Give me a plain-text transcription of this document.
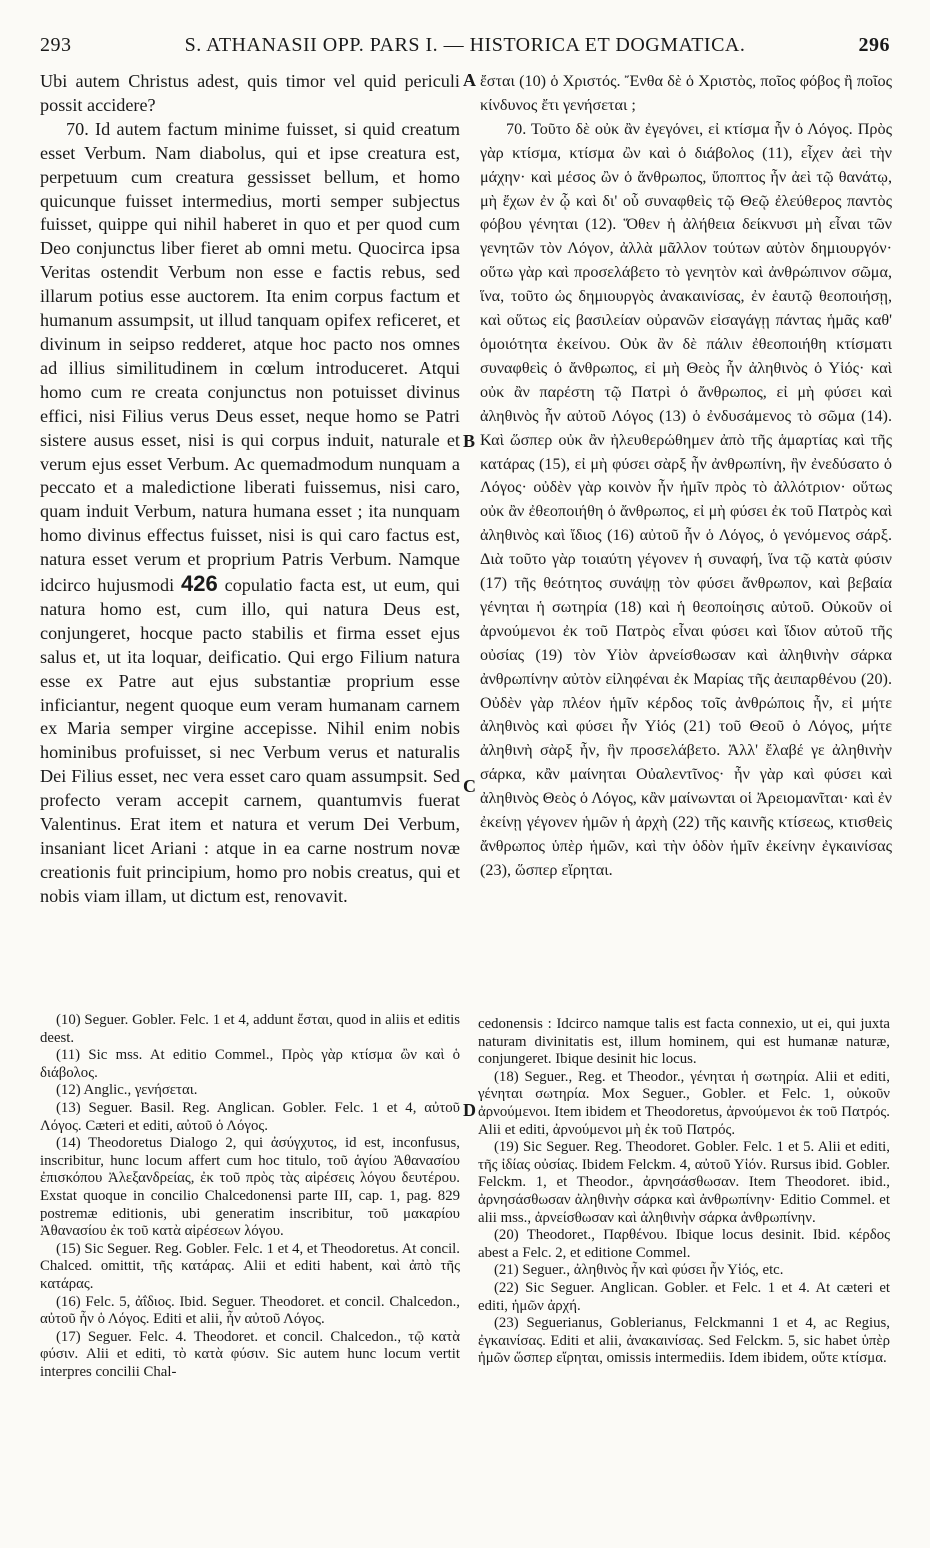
293	S. ATHANASII OPP. PARS I. — HISTORICA ET DOGMATICA.	296

Ubi autem Christus adest, quis timor vel quid periculi possit accidere?

70. Id autem factum minime fuisset, si quid creatum esset Verbum. Nam diabolus, qui et ipse creatura est, perpetuum cum creatura gessisset bellum, et homo quicunque fuisset intermedius, morti semper subjectus fuisset, quippe qui nihil haberet in quo et per quod cum Deo conjunctus liber fieret ab omni metu. Quocirca ipsa Veritas ostendit Verbum non esse e factis rebus, sed illarum potius esse auctorem. Ita enim corpus factum et humanum assumpsit, ut illud tanquam opifex reficeret, et divinum in seipso redderet, atque hoc pacto nos omnes ad illius similitudinem in cœlum introduceret. Atqui homo cum re creata conjunctus non potuisset divinus effici, nisi Filius verus Deus esset, neque homo se Patri sistere ausus esset, nisi is qui corpus induit, naturale et verum ejus esset Verbum. Ac quemadmodum nunquam a peccato et a maledictione liberati fuissemus, nisi caro, quam induit Verbum, natura humana esset ; ita nunquam homo divinus effectus fuisset, nisi is qui caro factus est, natura esset verum et proprium Patris Verbum. Namque idcirco hujusmodi 426 copulatio facta est, ut eum, qui natura homo est, cum illo, qui natura Deus est, conjungeret, hocque pacto stabilis et firma esset ejus salus et, ut ita loquar, deificatio. Qui ergo Filium natura esse ex Patre aut ejus substantiæ proprium esse inficiantur, negent quoque eum veram humanam carnem ex Maria semper virgine accepisse. Nihil enim nobis hominibus profuisset, si nec Verbum verus et naturalis Dei Filius esset, nec vera esset caro quam assumpsit. Sed profecto veram accepit carnem, quantumvis fuerat Valentinus. Erat item et natura et verum Dei Verbum, insaniant licet Ariani : atque in ea carne nostrum novæ creationis fuit principium, homo pro nobis creatus, qui et nobis viam illam, ut dictum est, renovavit.

A
B
C
D

ἔσται (10) ὁ Χριστός. Ἔνθα δὲ ὁ Χριστὸς, ποῖος φόβος ἢ ποῖος κίνδυνος ἔτι γενήσεται ;

70. Τοῦτο δὲ οὐκ ἂν ἐγεγόνει, εἰ κτίσμα ἦν ὁ Λόγος. Πρὸς γὰρ κτίσμα, κτίσμα ὢν καὶ ὁ διάβολος (11), εἶχεν ἀεὶ τὴν μάχην· καὶ μέσος ὢν ὁ ἄνθρωπος, ὕποπτος ἦν ἀεὶ τῷ θανάτῳ, μὴ ἔχων ἐν ᾧ καὶ δι' οὗ συναφθεὶς τῷ Θεῷ ἐλεύθερος παντὸς φόβου γένηται (12). Ὅθεν ἡ ἀλήθεια δείκνυσι μὴ εἶναι τῶν γενητῶν τὸν Λόγον, ἀλλὰ μᾶλλον τούτων αὐτὸν δημιουργόν· οὕτω γὰρ καὶ προσελάβετο τὸ γενητὸν καὶ ἀνθρώπινον σῶμα, ἵνα, τοῦτο ὡς δημιουργὸς ἀνακαινίσας, ἐν ἑαυτῷ θεοποιήσῃ, καὶ οὕτως εἰς βασιλείαν οὐρανῶν εἰσαγάγῃ πάντας ἡμᾶς καθ' ὁμοιότητα ἐκείνου. Οὐκ ἂν δὲ πάλιν ἐθεοποιήθη κτίσματι συναφθεὶς ὁ ἄνθρωπος, εἰ μὴ Θεὸς ἦν ἀληθινὸς ὁ Υἱός· καὶ οὐκ ἂν παρέστη τῷ Πατρὶ ὁ ἄνθρωπος, εἰ μὴ φύσει καὶ ἀληθινὸς ἦν αὐτοῦ Λόγος (13) ὁ ἐνδυσάμενος τὸ σῶμα (14). Καὶ ὥσπερ οὐκ ἂν ἠλευθερώθημεν ἀπὸ τῆς ἁμαρτίας καὶ τῆς κατάρας (15), εἰ μὴ φύσει σὰρξ ἦν ἀνθρωπίνη, ἣν ἐνεδύσατο ὁ Λόγος· οὐδὲν γὰρ κοινὸν ἦν ἡμῖν πρὸς τὸ ἀλλότριον· οὕτως οὐκ ἂν ἐθεοποιήθη ὁ ἄνθρωπος, εἰ μὴ φύσει ἐκ τοῦ Πατρὸς καὶ ἀληθινὸς καὶ ἴδιος (16) αὐτοῦ ἦν ὁ Λόγος, ὁ γενόμενος σάρξ. Διὰ τοῦτο γὰρ τοιαύτη γέγονεν ἡ συναφή, ἵνα τῷ κατὰ φύσιν (17) τῆς θεότητος συνάψῃ τὸν φύσει ἄνθρωπον, καὶ βεβαία γένηται ἡ σωτηρία (18) καὶ ἡ θεοποίησις αὐτοῦ. Οὐκοῦν οἱ ἀρνούμενοι ἐκ τοῦ Πατρὸς εἶναι φύσει καὶ ἴδιον αὐτοῦ τῆς οὐσίας (19) τὸν Υἱὸν ἀρνείσθωσαν καὶ ἀληθινὴν σάρκα ἀνθρωπίνην αὐτὸν εἰληφέναι ἐκ Μαρίας τῆς ἀειπαρθένου (20). Οὐδὲν γὰρ πλέον ἡμῖν κέρδος τοῖς ἀνθρώποις ἦν, εἰ μήτε ἀληθινὸς καὶ φύσει ἦν Υἱός (21) τοῦ Θεοῦ ὁ Λόγος, μήτε ἀληθινὴ σὰρξ ἦν, ἣν προσελάβετο. Ἀλλ' ἔλαβέ γε ἀληθινὴν σάρκα, κἂν μαίνηται Οὐαλεντῖνος· ἦν γὰρ καὶ φύσει καὶ ἀληθινὸς Θεὸς ὁ Λόγος, κἂν μαίνωνται οἱ Ἀρειομανῖται· καὶ ἐν ἐκείνῃ γέγονεν ἡμῶν ἡ ἀρχὴ (22) τῆς καινῆς κτίσεως, κτισθεὶς ἄνθρωπος ὑπὲρ ἡμῶν, καὶ τὴν ὁδὸν ἡμῖν ἐκείνην ἐγκαινίσας (23), ὥσπερ εἴρηται.

(10) Seguer. Gobler. Felc. 1 et 4, addunt ἔσται, quod in aliis et editis deest.

(11) Sic mss. At editio Commel., Πρὸς γὰρ κτίσμα ὢν καὶ ὁ διάβολος.

(12) Anglic., γενήσεται.

(13) Seguer. Basil. Reg. Anglican. Gobler. Felc. 1 et 4, αὐτοῦ Λόγος. Cæteri et editi, αὐτοῦ ὁ Λόγος.

(14) Theodoretus Dialogo 2, qui ἀσύγχυτος, id est, inconfusus, inscribitur, hunc locum affert cum hoc titulo, τοῦ ἁγίου Ἀθανασίου ἐπισκόπου Ἀλεξανδρείας, ἐκ τοῦ πρὸς τὰς αἱρέσεις λόγου δευτέρου. Exstat quoque in concilio Chalcedonensi parte III, cap. 1, pag. 829 postremæ editionis, ubi generatim inscribitur, τοῦ μακαρίου Ἀθανασίου ἐκ τοῦ κατὰ αἱρέσεων λόγου.

(15) Sic Seguer. Reg. Gobler. Felc. 1 et 4, et Theodoretus. At concil. Chalced. omittit, τῆς κατάρας. Alii et editi habent, καὶ ἀπὸ τῆς κατάρας.

(16) Felc. 5, ἀΐδιος. Ibid. Seguer. Theodoret. et concil. Chalcedon., αὐτοῦ ἦν ὁ Λόγος. Editi et alii, ἦν αὐτοῦ Λόγος.

(17) Seguer. Felc. 4. Theodoret. et concil. Chalcedon., τῷ κατὰ φύσιν. Alii et editi, τὸ κατὰ φύσιν. Sic autem hunc locum vertit interpres concilii Chal-

cedonensis : Idcirco namque talis est facta connexio, ut ei, qui juxta naturam divinitatis est, illum hominem, qui est humanæ naturæ, conjungeret. Ibique desinit hic locus.

(18) Seguer., Reg. et Theodor., γένηται ἡ σωτηρία. Alii et editi, γένηται σωτηρία. Mox Seguer., Gobler. et Felc. 1, οὐκοῦν ἀρνούμενοι. Item ibidem et Theodoretus, ἀρνούμενοι ἐκ τοῦ Πατρός. Alii et editi, ἀρνούμενοι μὴ ἐκ τοῦ Πατρός.

(19) Sic Seguer. Reg. Theodoret. Gobler. Felc. 1 et 5. Alii et editi, τῆς ἰδίας οὐσίας. Ibidem Felckm. 4, αὐτοῦ Υἱόν. Rursus ibid. Gobler. Felckm. 1, et Theodor., ἀρνησάσθωσαν. Item Theodoret. ibid., ἀρνησάσθωσαν ἀληθινὴν σάρκα καὶ ἀνθρωπίνην· Editio Commel. et alii mss., ἀρνείσθωσαν καὶ ἀληθινὴν σάρκα ἀνθρωπίνην.

(20) Theodoret., Παρθένου. Ibique locus desinit. Ibid. κέρδος abest a Felc. 2, et editione Commel.

(21) Seguer., ἀληθινὸς ἦν καὶ φύσει ἦν Υἱός, etc.

(22) Sic Seguer. Anglican. Gobler. et Felc. 1 et 4. At cæteri et editi, ἡμῶν ἀρχή.

(23) Seguerianus, Goblerianus, Felckmanni 1 et 4, ac Regius, ἐγκαινίσας. Editi et alii, ἀνακαινίσας. Sed Felckm. 5, sic habet ὑπὲρ ἡμῶν ὥσπερ εἴρηται, omissis intermediis. Idem ibidem, οὔτε κτίσμα.
